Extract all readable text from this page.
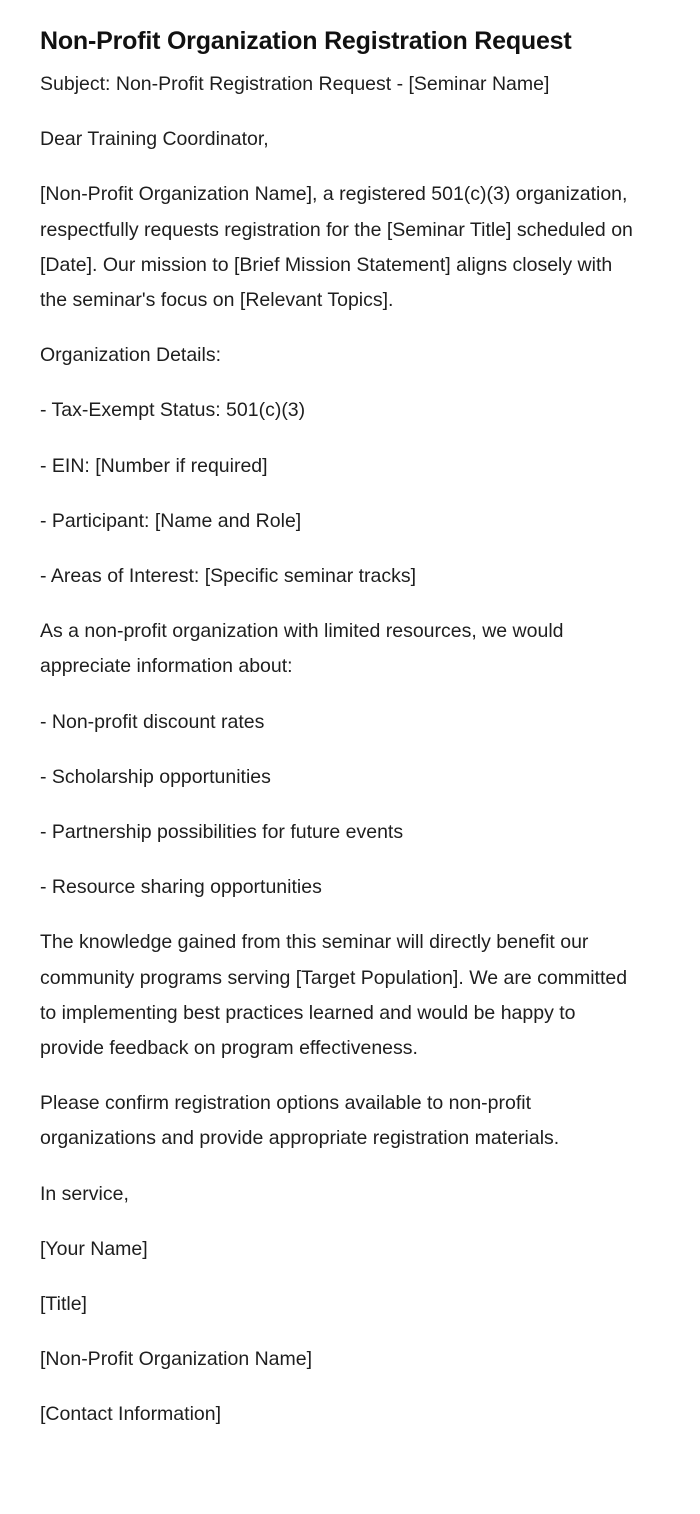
Non-Profit Organization Registration Request

Subject: Non-Profit Registration Request - [Seminar Name]

Dear Training Coordinator,

[Non-Profit Organization Name], a registered 501(c)(3) organization, respectfully requests registration for the [Seminar Title] scheduled on [Date]. Our mission to [Brief Mission Statement] aligns closely with the seminar's focus on [Relevant Topics].

Organization Details:

- Tax-Exempt Status: 501(c)(3)

- EIN: [Number if required]

- Participant: [Name and Role]

- Areas of Interest: [Specific seminar tracks]

As a non-profit organization with limited resources, we would appreciate information about:

- Non-profit discount rates

- Scholarship opportunities

- Partnership possibilities for future events

- Resource sharing opportunities

The knowledge gained from this seminar will directly benefit our community programs serving [Target Population]. We are committed to implementing best practices learned and would be happy to provide feedback on program effectiveness.

Please confirm registration options available to non-profit organizations and provide appropriate registration materials.

In service,

[Your Name]

[Title]

[Non-Profit Organization Name]

[Contact Information]
